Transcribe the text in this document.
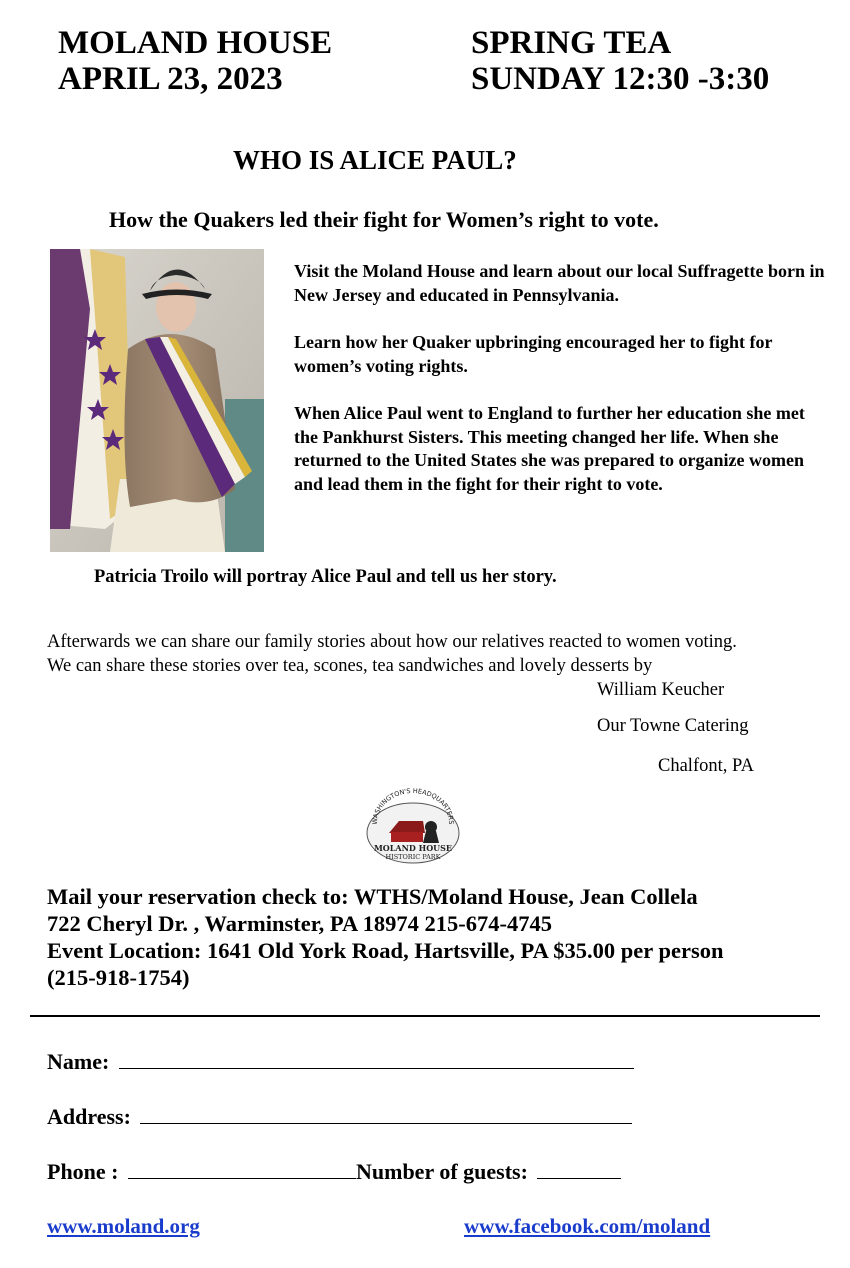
MOLAND HOUSE
APRIL 23, 2023
SPRING TEA
SUNDAY 12:30 -3:30
WHO IS ALICE PAUL?
How the Quakers led their fight for Women’s right to vote.
Visit the Moland House and learn about our local Suffragette born in New Jersey and educated in Pennsylvania.
Learn how her Quaker upbringing encouraged her to fight for women’s voting rights.
When Alice Paul went to England to further her education she met the Pankhurst Sisters. This meeting changed her life. When she returned to the United States she was prepared to organize women and lead them in the fight for their right to vote.
Patricia Troilo will portray Alice Paul and tell us her story.
Afterwards we can share our family stories about how our relatives reacted to women voting.
We can share these stories over tea, scones, tea sandwiches and lovely desserts by
William Keucher
Our Towne Catering
Chalfont, PA
WASHINGTON'S HEADQUARTERS
MOLAND HOUSE
HISTORIC PARK
Mail your reservation check to: WTHS/Moland House, Jean Collela
722 Cheryl Dr. , Warminster, PA 18974 215-674-4745
Event Location: 1641 Old York Road, Hartsville, PA $35.00 per person
(215-918-1754)
Name:
Address:
Phone :	Number of guests:
www.moland.org	www.facebook.com/moland
